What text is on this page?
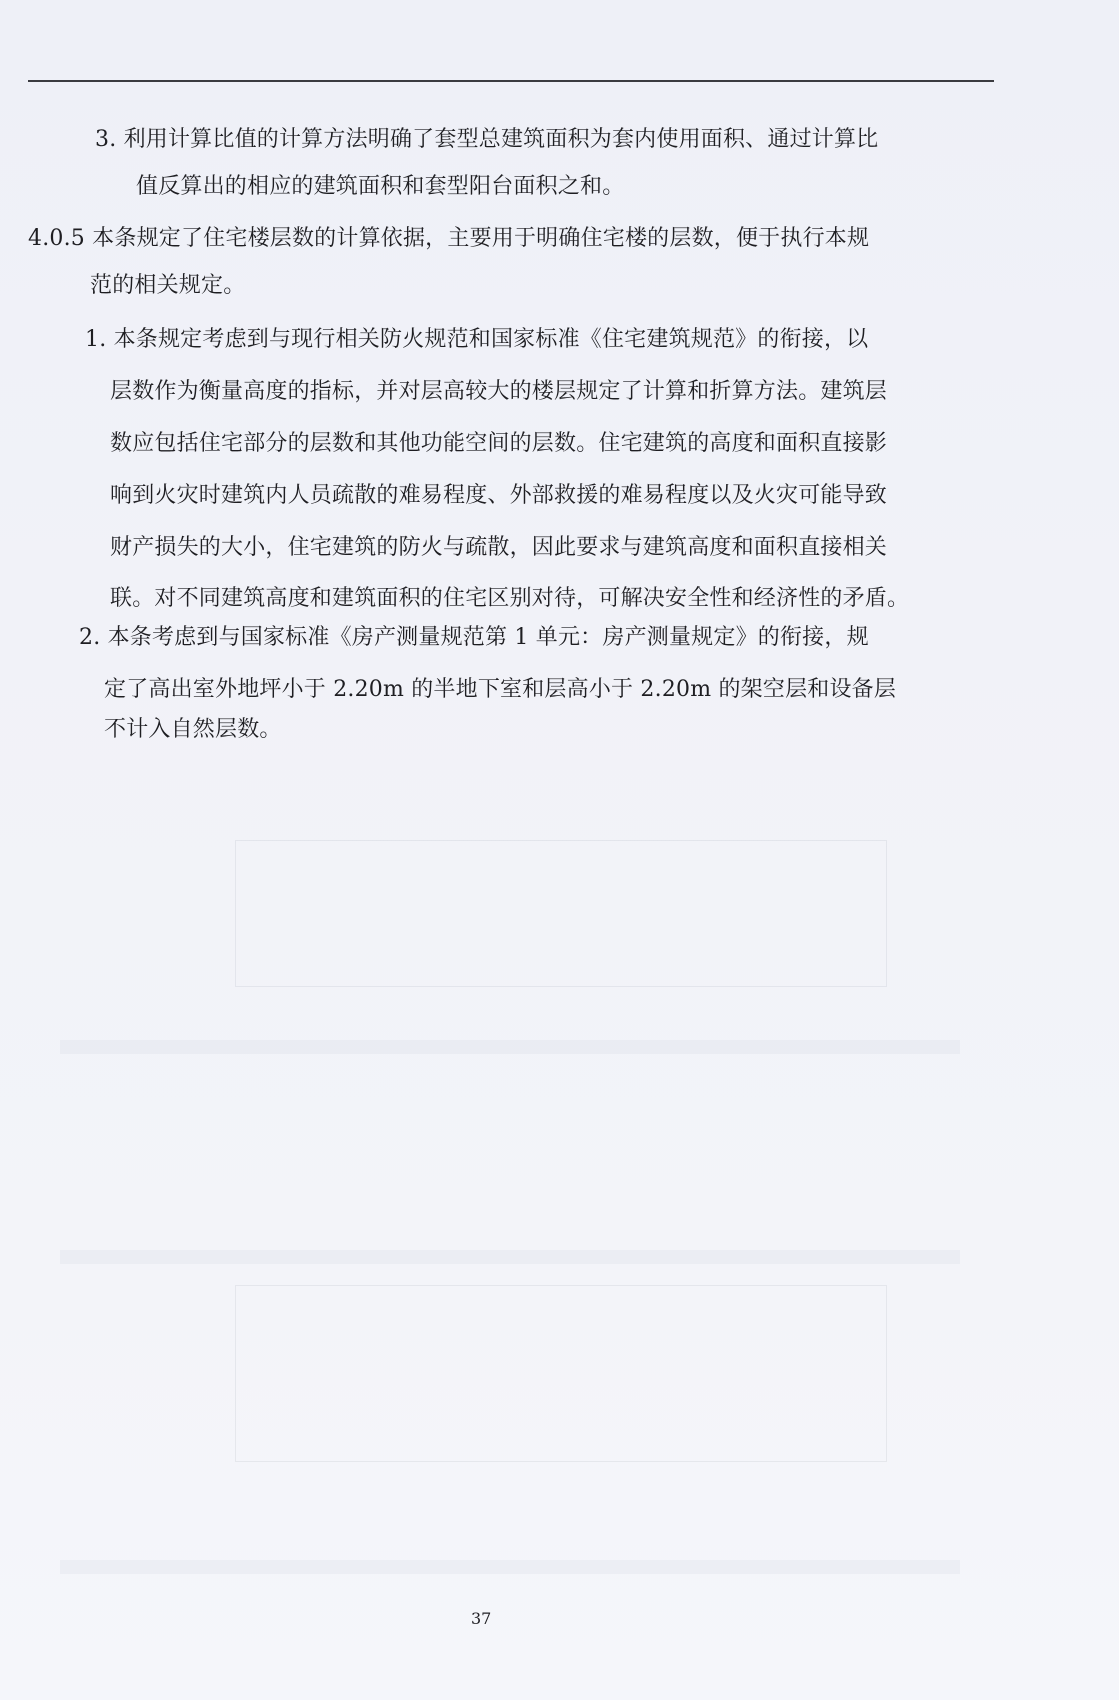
3. 利用计算比值的计算方法明确了套型总建筑面积为套内使用面积、通过计算比

值反算出的相应的建筑面积和套型阳台面积之和。

4.0.5 本条规定了住宅楼层数的计算依据，主要用于明确住宅楼的层数，便于执行本规

范的相关规定。

1. 本条规定考虑到与现行相关防火规范和国家标准《住宅建筑规范》的衔接，以

层数作为衡量高度的指标，并对层高较大的楼层规定了计算和折算方法。建筑层

数应包括住宅部分的层数和其他功能空间的层数。住宅建筑的高度和面积直接影

响到火灾时建筑内人员疏散的难易程度、外部救援的难易程度以及火灾可能导致

财产损失的大小，住宅建筑的防火与疏散，因此要求与建筑高度和面积直接相关

联。对不同建筑高度和建筑面积的住宅区别对待，可解决安全性和经济性的矛盾。

2. 本条考虑到与国家标准《房产测量规范第 1 单元：房产测量规定》的衔接，规

定了高出室外地坪小于 2.20m 的半地下室和层高小于 2.20m 的架空层和设备层

不计入自然层数。

37
